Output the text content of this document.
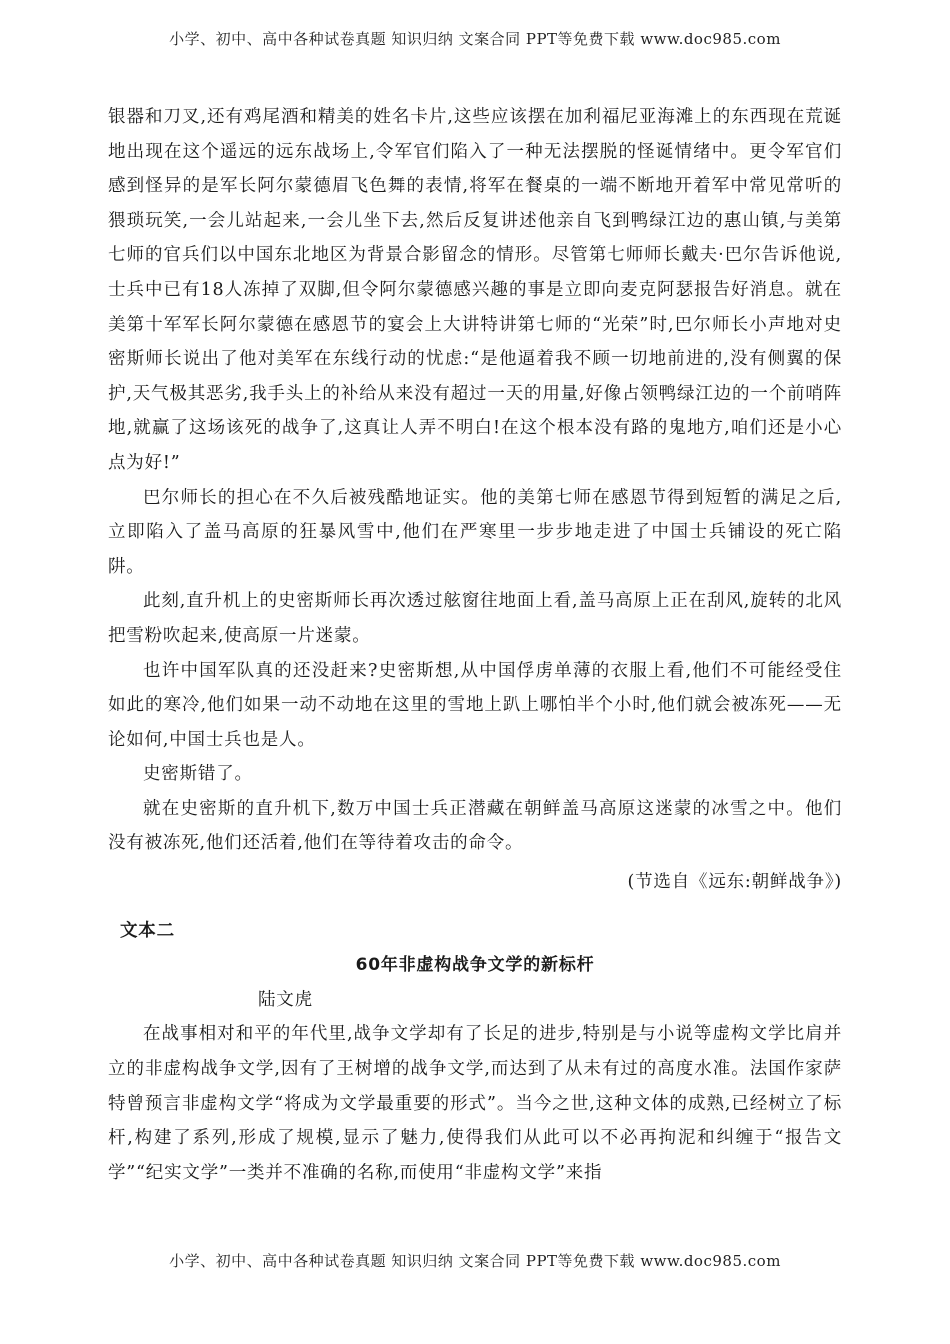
小学、初中、高中各种试卷真题 知识归纳 文案合同 PPT等免费下载 www.doc985.com

银器和刀叉,还有鸡尾酒和精美的姓名卡片,这些应该摆在加利福尼亚海滩上的东西现在荒诞地出现在这个遥远的远东战场上,令军官们陷入了一种无法摆脱的怪诞情绪中。更令军官们感到怪异的是军长阿尔蒙德眉飞色舞的表情,将军在餐桌的一端不断地开着军中常见常听的猥琐玩笑,一会儿站起来,一会儿坐下去,然后反复讲述他亲自飞到鸭绿江边的惠山镇,与美第七师的官兵们以中国东北地区为背景合影留念的情形。尽管第七师师长戴夫·巴尔告诉他说,士兵中已有18人冻掉了双脚,但令阿尔蒙德感兴趣的事是立即向麦克阿瑟报告好消息。就在美第十军军长阿尔蒙德在感恩节的宴会上大讲特讲第七师的“光荣”时,巴尔师长小声地对史密斯师长说出了他对美军在东线行动的忧虑:“是他逼着我不顾一切地前进的,没有侧翼的保护,天气极其恶劣,我手头上的补给从来没有超过一天的用量,好像占领鸭绿江边的一个前哨阵地,就赢了这场该死的战争了,这真让人弄不明白!在这个根本没有路的鬼地方,咱们还是小心点为好!”

巴尔师长的担心在不久后被残酷地证实。他的美第七师在感恩节得到短暂的满足之后,立即陷入了盖马高原的狂暴风雪中,他们在严寒里一步步地走进了中国士兵铺设的死亡陷阱。

此刻,直升机上的史密斯师长再次透过舷窗往地面上看,盖马高原上正在刮风,旋转的北风把雪粉吹起来,使高原一片迷蒙。

也许中国军队真的还没赶来?史密斯想,从中国俘虏单薄的衣服上看,他们不可能经受住如此的寒冷,他们如果一动不动地在这里的雪地上趴上哪怕半个小时,他们就会被冻死——无论如何,中国士兵也是人。

史密斯错了。

就在史密斯的直升机下,数万中国士兵正潜藏在朝鲜盖马高原这迷蒙的冰雪之中。他们没有被冻死,他们还活着,他们在等待着攻击的命令。

(节选自《远东:朝鲜战争》)

文本二

60年非虚构战争文学的新标杆

陆文虎

在战事相对和平的年代里,战争文学却有了长足的进步,特别是与小说等虚构文学比肩并立的非虚构战争文学,因有了王树增的战争文学,而达到了从未有过的高度水准。法国作家萨特曾预言非虚构文学“将成为文学最重要的形式”。当今之世,这种文体的成熟,已经树立了标杆,构建了系列,形成了规模,显示了魅力,使得我们从此可以不必再拘泥和纠缠于“报告文学”“纪实文学”一类并不准确的名称,而使用“非虚构文学”来指

小学、初中、高中各种试卷真题 知识归纳 文案合同 PPT等免费下载 www.doc985.com
